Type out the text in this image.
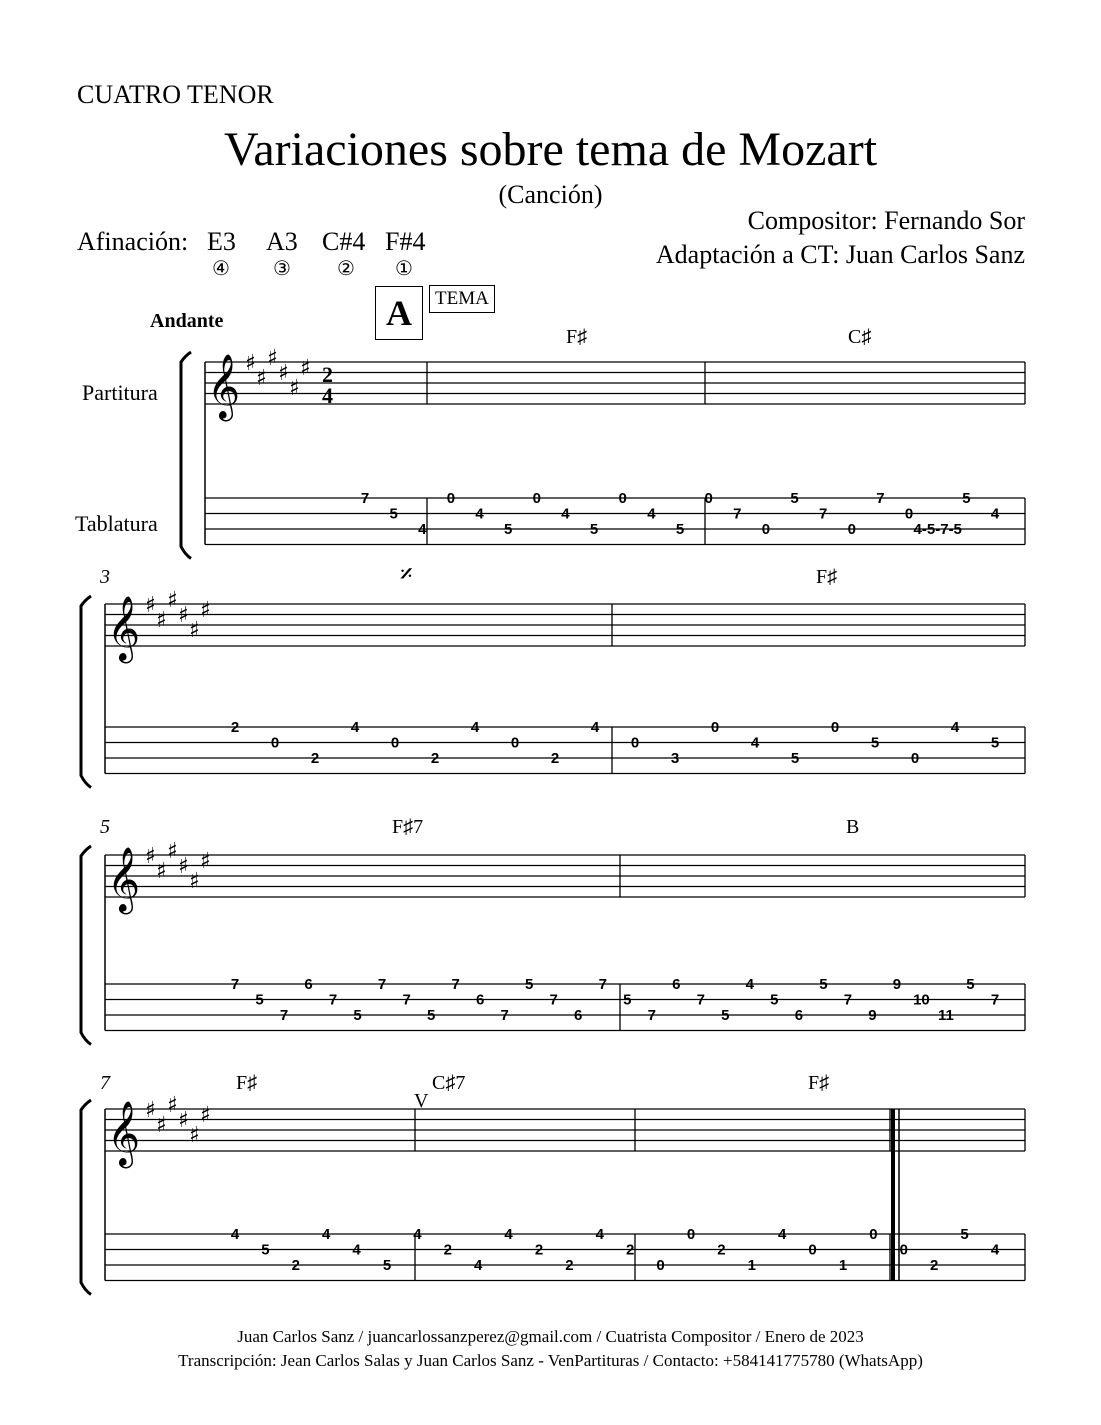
CUATRO TENOR
Variaciones sobre tema de Mozart
(Canción)
Compositor: Fernando Sor
Adaptación a CT: Juan Carlos Sanz
Afinación: E3 A3 C#4 F#4
④ ③ ② ①
Andante	A	TEMA
Partitura
Tablatura
F♯	C♯
F♯
F♯7	B
F♯	C♯7	F♯
V
𝄎
3
5
7
𝄞 ♯
♯
♯
♯
♯
♯
𝄞 ♯
♯
♯
♯
♯
♯
𝄞 ♯
♯
♯
♯
♯
♯
𝄞 ♯
♯
♯
♯
♯
♯
2
4
7
5
4
0
4
5
0
4
5
0
4
5
0
7
0
5
7
0
7
0
4-5-7-5
5
4
2
0
2
4
0
2
4
0
2
4
0
3
0
4
5
0
5
0
4
5
7
5
7
6
7
5
7
7
5
7
6
7
5
7
6
7
5
7
6
7
5
4
5
6
5
7
9
9
10
11
5
7
4
5
2
4
4
5
4
2
4
4
2
2
4
2
0
0
2
1
4
0
1
0
0
2
5
4
Juan Carlos Sanz / juancarlossanzperez@gmail.com / Cuatrista Compositor / Enero de 2023
Transcripción: Jean Carlos Salas y Juan Carlos Sanz - VenPartituras / Contacto: +584141775780 (WhatsApp)
